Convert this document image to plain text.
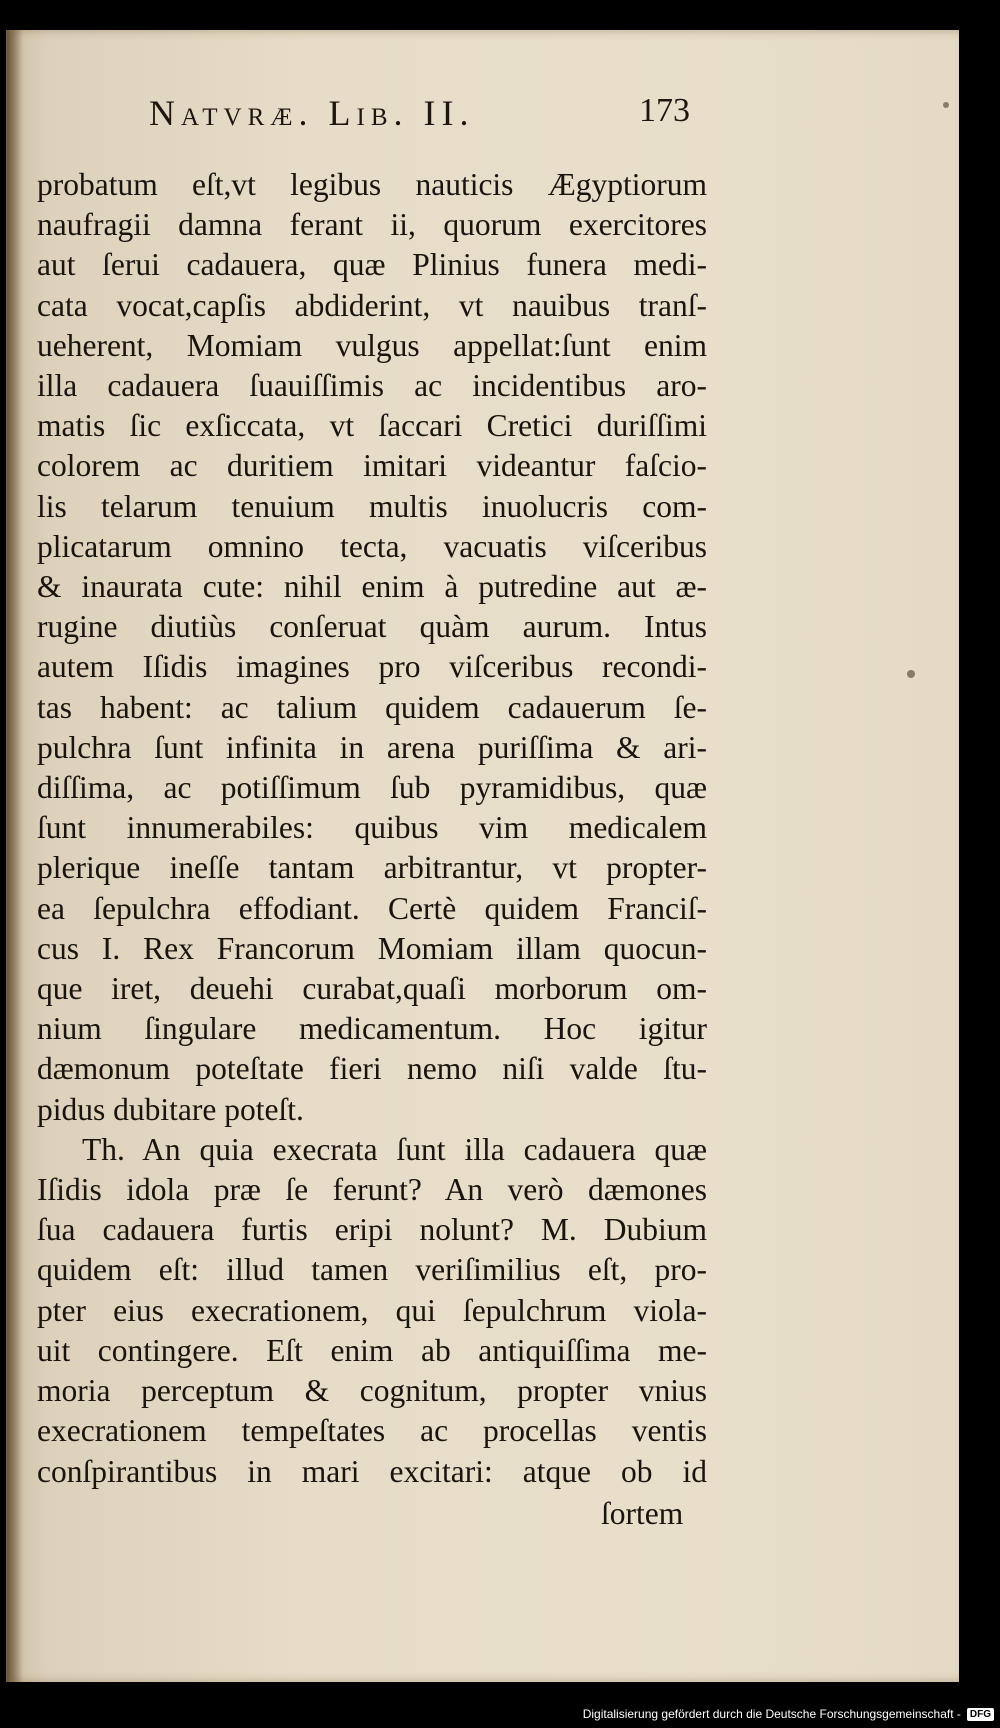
Natvræ. Lib. II.	173
probatum eſt,vt legibus nauticis Ægyptiorum
naufragii damna ferant ii, quorum exercitores
aut ſerui cadauera, quæ Plinius funera medi-
cata vocat,capſis abdiderint, vt nauibus tranſ-
ueherent, Momiam vulgus appellat:ſunt enim
illa cadauera ſuauiſſimis ac incidentibus aro-
matis ſic exſiccata, vt ſaccari Cretici duriſſimi
colorem ac duritiem imitari videantur faſcio-
lis telarum tenuium multis inuolucris com-
plicatarum omnino tecta, vacuatis viſceribus
& inaurata cute: nihil enim à putredine aut æ-
rugine diutiùs conſeruat quàm aurum. Intus
autem Iſidis imagines pro viſceribus recondi-
tas habent: ac talium quidem cadauerum ſe-
pulchra ſunt infinita in arena puriſſima & ari-
diſſima, ac potiſſimum ſub pyramidibus, quæ
ſunt innumerabiles: quibus vim medicalem
plerique ineſſe tantam arbitrantur, vt propter-
ea ſepulchra effodiant. Certè quidem Franciſ-
cus I. Rex Francorum Momiam illam quocun-
que iret, deuehi curabat,quaſi morborum om-
nium ſingulare medicamentum. Hoc igitur
dæmonum poteſtate fieri nemo niſi valde ſtu-
pidus dubitare poteſt.
Th. An quia execrata ſunt illa cadauera quæ
Iſidis idola præ ſe ferunt? An verò dæmones
ſua cadauera furtis eripi nolunt? M. Dubium
quidem eſt: illud tamen veriſimilius eſt, pro-
pter eius execrationem, qui ſepulchrum viola-
uit contingere. Eſt enim ab antiquiſſima me-
moria perceptum & cognitum, propter vnius
execrationem tempeſtates ac procellas ventis
conſpirantibus in mari excitari: atque ob id
ſortem
Digitalisierung gefördert durch die Deutsche Forschungsgemeinschaft - DFG
